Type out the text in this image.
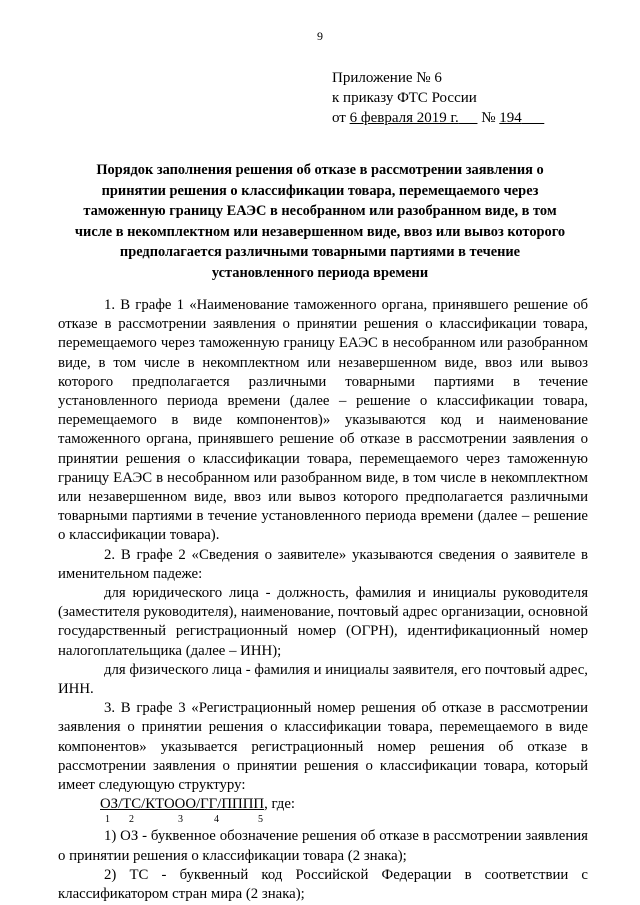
9
Приложение № 6
к приказу ФТС России
от 6 февраля 2019 г. № 194
Порядок заполнения решения об отказе в рассмотрении заявления о принятии решения о классификации товара, перемещаемого через таможенную границу ЕАЭС в несобранном или разобранном виде, в том числе в некомплектном или незавершенном виде, ввоз или вывоз которого предполагается различными товарными партиями в течение установленного периода времени

1. В графе 1 «Наименование таможенного органа, принявшего решение об отказе в рассмотрении заявления о принятии решения о классификации товара, перемещаемого через таможенную границу ЕАЭС в несобранном или разобранном виде, в том числе в некомплектном или незавершенном виде, ввоз или вывоз которого предполагается различными товарными партиями в течение установленного периода времени (далее – решение о классификации товара, перемещаемого в виде компонентов)» указываются код и наименование таможенного органа, принявшего решение об отказе в рассмотрении заявления о принятии решения о классификации товара, перемещаемого через таможенную границу ЕАЭС в несобранном или разобранном виде, в том числе в некомплектном или незавершенном виде, ввоз или вывоз которого предполагается различными товарными партиями в течение установленного периода времени (далее – решение о классификации товара).

2. В графе 2 «Сведения о заявителе» указываются сведения о заявителе в именительном падеже:

для юридического лица - должность, фамилия и инициалы руководителя (заместителя руководителя), наименование, почтовый адрес организации, основной государственный регистрационный номер (ОГРН), идентификационный номер налогоплательщика (далее – ИНН);

для физического лица - фамилия и инициалы заявителя, его почтовый адрес, ИНН.

3. В графе 3 «Регистрационный номер решения об отказе в рассмотрении заявления о принятии решения о классификации товара, перемещаемого в виде компонентов» указывается регистрационный номер решения об отказе в рассмотрении заявления о принятии решения о классификации товара, который имеет следующую структуру:

ОЗ/ТС/КТООО/ГГ/ПППП, где:

1 2	3	4	5

1) ОЗ - буквенное обозначение решения об отказе в рассмотрении заявления о принятии решения о классификации товара (2 знака);

2) ТС - буквенный код Российской Федерации в соответствии с классификатором стран мира (2 знака);
